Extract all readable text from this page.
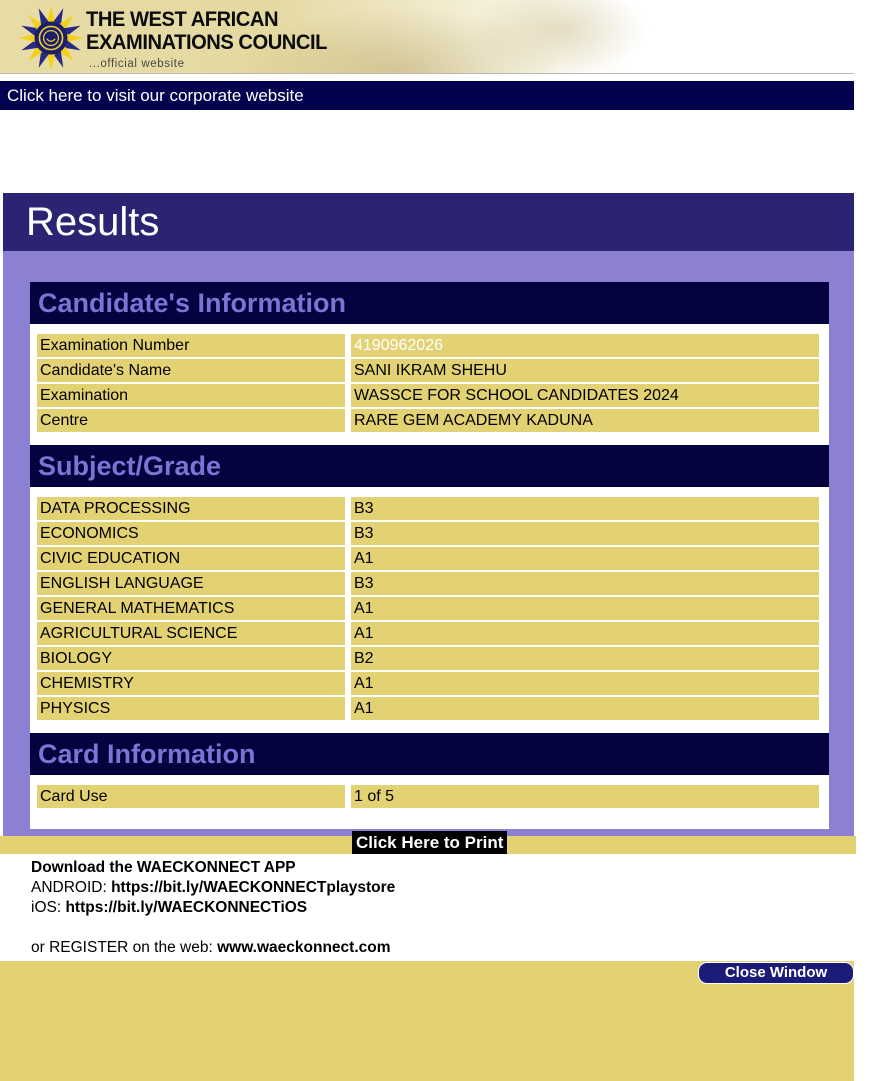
THE WEST AFRICAN
EXAMINATIONS COUNCIL
...official website
Click here to visit our corporate website
Results
Candidate's Information
Examination Number	4190962026
Candidate's Name	SANI IKRAM SHEHU
Examination	WASSCE FOR SCHOOL CANDIDATES 2024
Centre	RARE GEM ACADEMY KADUNA
Subject/Grade
DATA PROCESSING	B3
ECONOMICS	B3
CIVIC EDUCATION	A1
ENGLISH LANGUAGE	B3
GENERAL MATHEMATICS	A1
AGRICULTURAL SCIENCE	A1
BIOLOGY	B2
CHEMISTRY	A1
PHYSICS	A1
Card Information
Card Use	1 of 5
Click Here to Print
Download the WAECKONNECT APP
ANDROID: https://bit.ly/WAECKONNECTplaystore
iOS: https://bit.ly/WAECKONNECTiOS
or REGISTER on the web: www.waeckonnect.com
Close Window
